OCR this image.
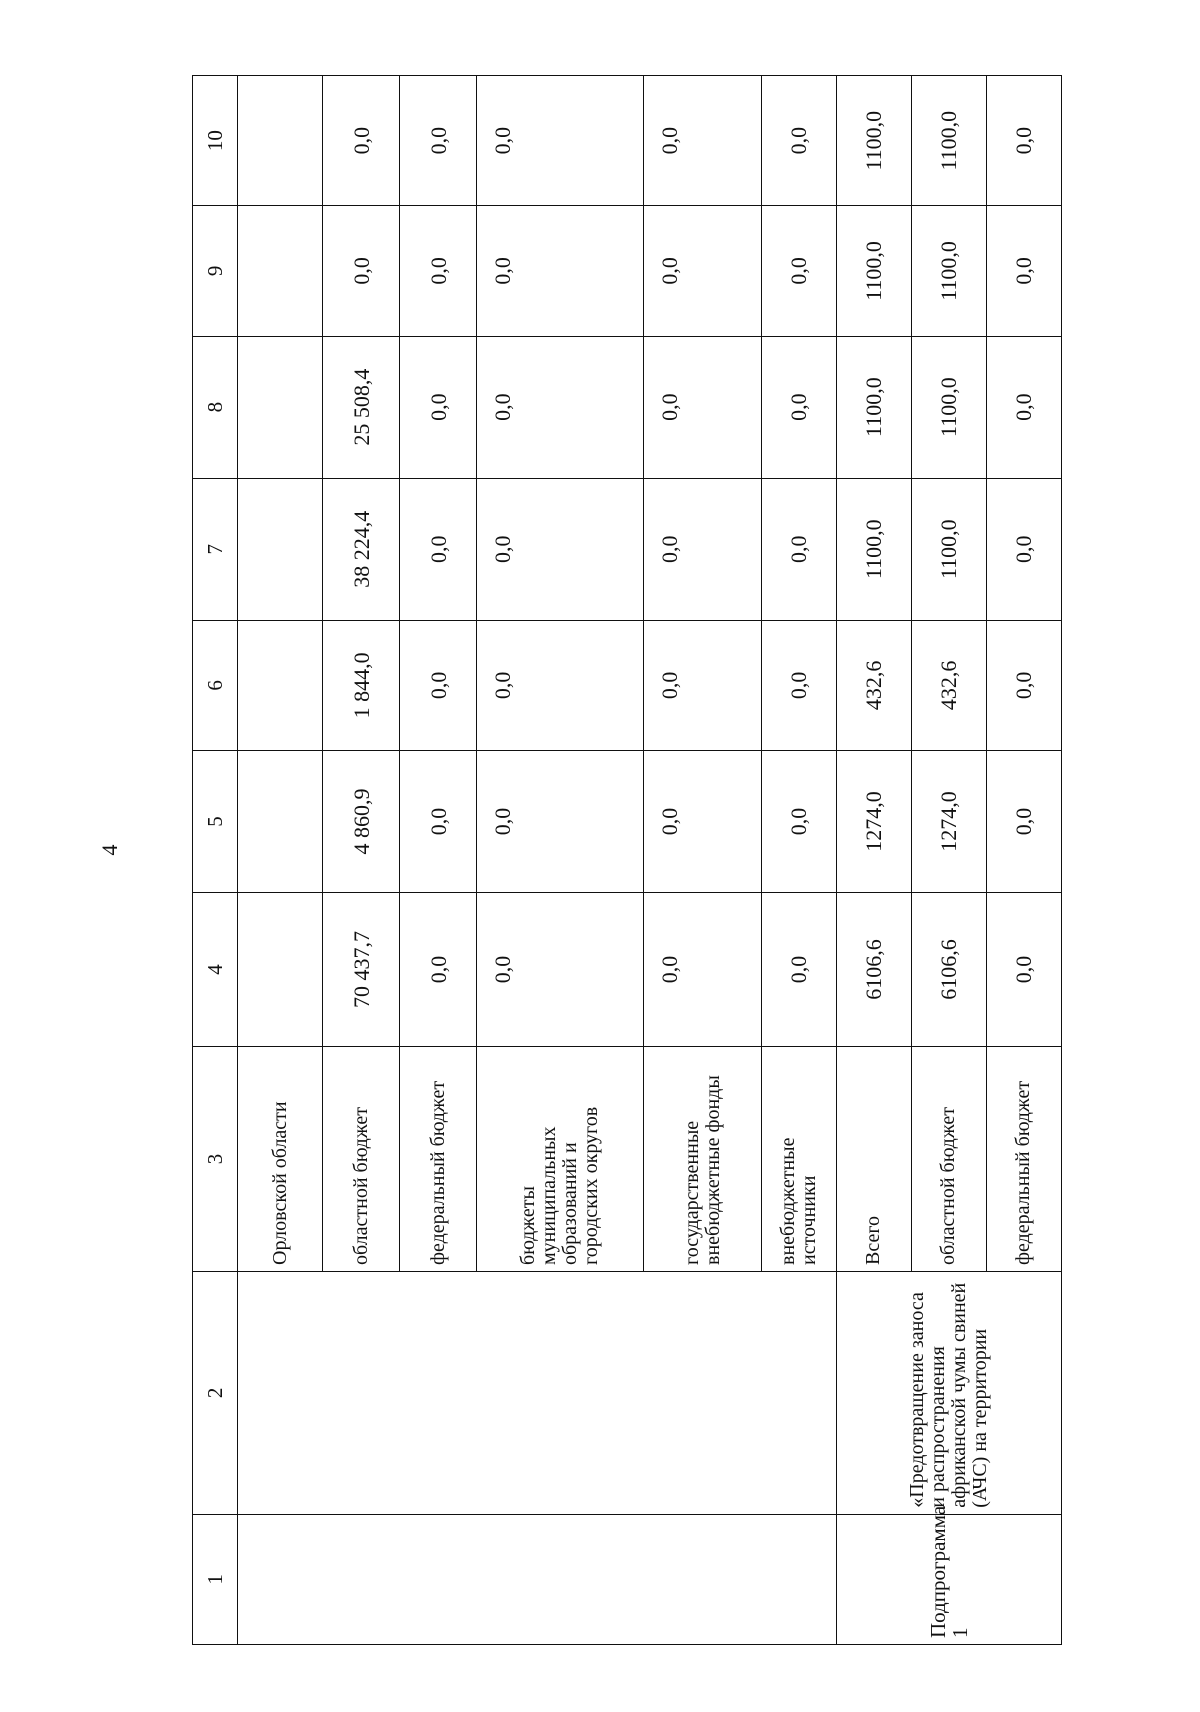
4
1	2	3	4	5	6	7	8	9	10
		Орловской области							
		областной бюджет	70 437,7	4 860,9	1 844,0	38 224,4	25 508,4	0,0	0,0
		федеральный бюджет	0,0	0,0	0,0	0,0	0,0	0,0	0,0
		бюджеты муниципальных образований и городских округов	0,0	0,0	0,0	0,0	0,0	0,0	0,0
		государственные внебюджетные фонды	0,0	0,0	0,0	0,0	0,0	0,0	0,0
		внебюджетные источники	0,0	0,0	0,0	0,0	0,0	0,0	0,0
Подпрограмма 1	«Предотвращение заноса и распространения африканской чумы свиней (АЧС) на территории	Всего	6106,6	1274,0	432,6	1100,0	1100,0	1100,0	1100,0
		областной бюджет	6106,6	1274,0	432,6	1100,0	1100,0	1100,0	1100,0
		федеральный бюджет	0,0	0,0	0,0	0,0	0,0	0,0	0,0
